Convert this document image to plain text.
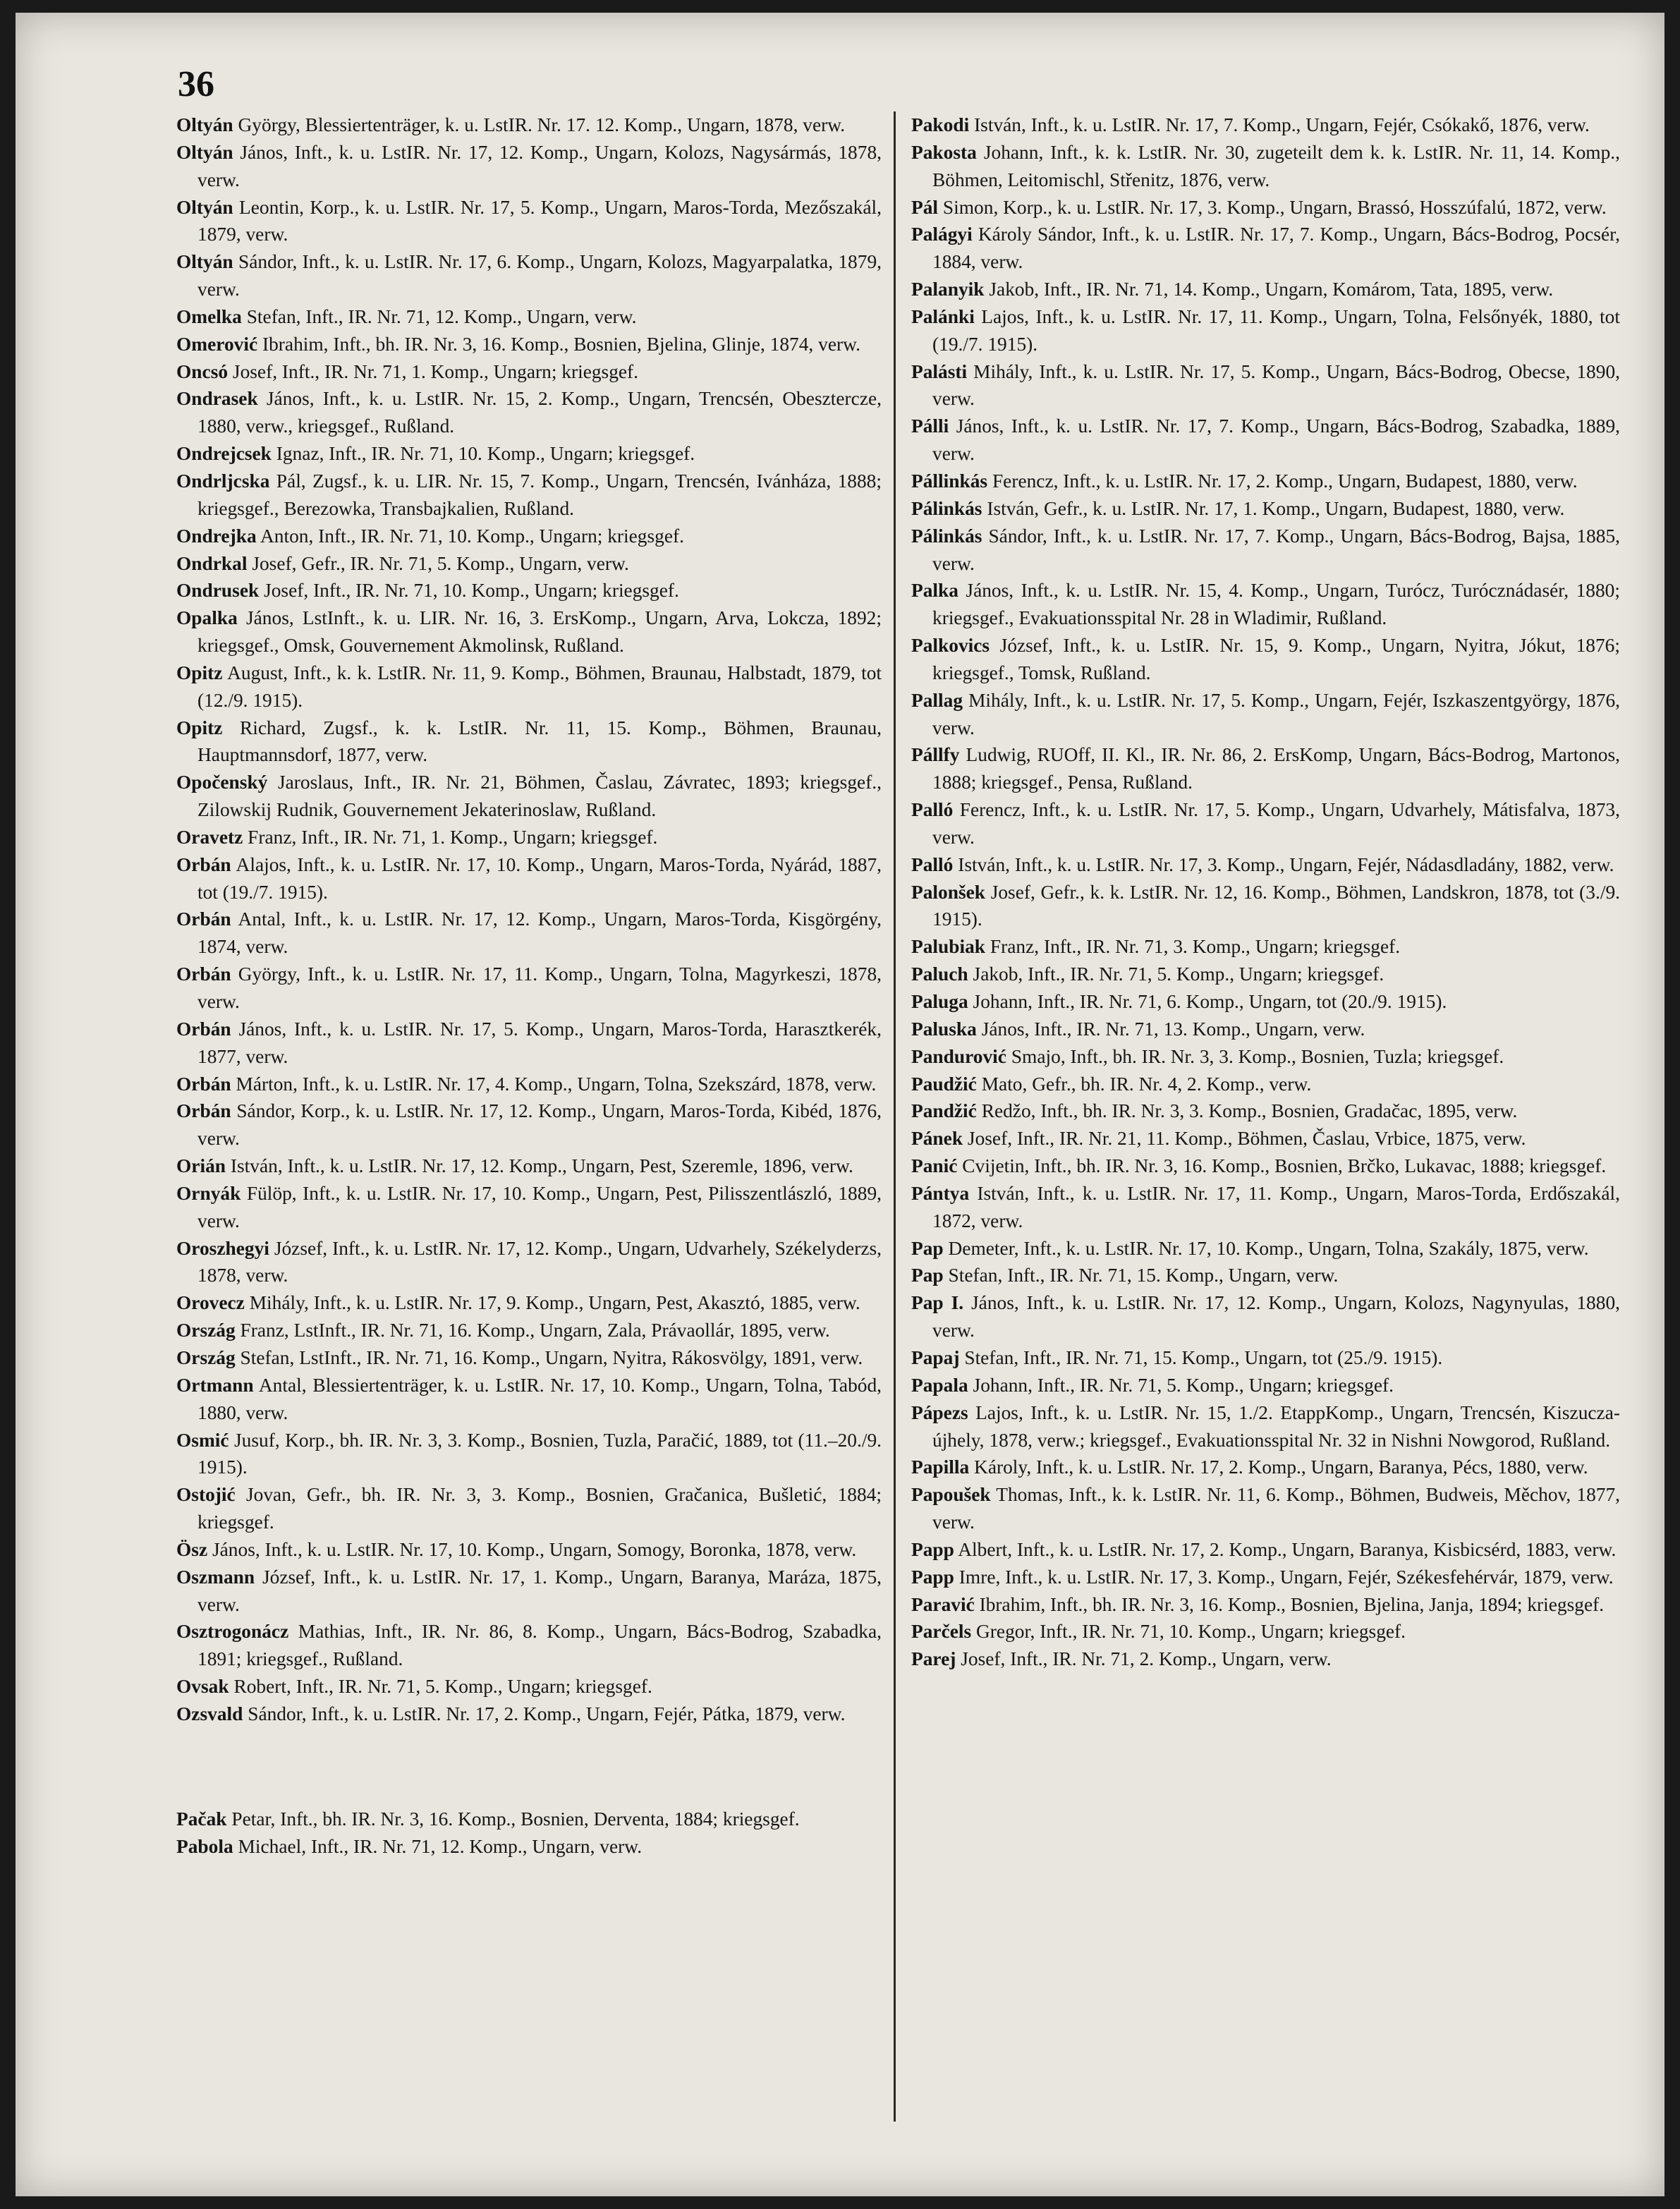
36
Oltyán György, Blessiertenträger, k. u. LstIR. Nr. 17. 12. Komp., Ungarn, 1878, verw.
Oltyán János, Inft., k. u. LstIR. Nr. 17, 12. Komp., Ungarn, Kolozs, Nagysármás, 1878, verw.
Oltyán Leontin, Korp., k. u. LstIR. Nr. 17, 5. Komp., Ungarn, Maros-Torda, Mezőszakál, 1879, verw.
Oltyán Sándor, Inft., k. u. LstIR. Nr. 17, 6. Komp., Ungarn, Kolozs, Magyarpalatka, 1879, verw.
Omelka Stefan, Inft., IR. Nr. 71, 12. Komp., Ungarn, verw.
Omerović Ibrahim, Inft., bh. IR. Nr. 3, 16. Komp., Bosnien, Bjelina, Glinje, 1874, verw.
Oncsó Josef, Inft., IR. Nr. 71, 1. Komp., Ungarn; kriegsgef.
Ondrasek János, Inft., k. u. LstIR. Nr. 15, 2. Komp., Ungarn, Trencsén, Obesztercze, 1880, verw., kriegsgef., Rußland.
Ondrejcsek Ignaz, Inft., IR. Nr. 71, 10. Komp., Ungarn; kriegsgef.
Ondrljcska Pál, Zugsf., k. u. LIR. Nr. 15, 7. Komp., Ungarn, Trencsén, Ivánháza, 1888; kriegsgef., Berezowka, Transbajkalien, Rußland.
Ondrejka Anton, Inft., IR. Nr. 71, 10. Komp., Ungarn; kriegsgef.
Ondrkal Josef, Gefr., IR. Nr. 71, 5. Komp., Ungarn, verw.
Ondrusek Josef, Inft., IR. Nr. 71, 10. Komp., Ungarn; kriegsgef.
Opalka János, LstInft., k. u. LIR. Nr. 16, 3. ErsKomp., Ungarn, Arva, Lokcza, 1892; kriegsgef., Omsk, Gouvernement Akmolinsk, Rußland.
Opitz August, Inft., k. k. LstIR. Nr. 11, 9. Komp., Böhmen, Braunau, Halbstadt, 1879, tot (12./9. 1915).
Opitz Richard, Zugsf., k. k. LstIR. Nr. 11, 15. Komp., Böhmen, Braunau, Hauptmannsdorf, 1877, verw.
Opočenský Jaroslaus, Inft., IR. Nr. 21, Böhmen, Časlau, Závratec, 1893; kriegsgef., Zilowskij Rudnik, Gouvernement Jekaterinoslaw, Rußland.
Oravetz Franz, Inft., IR. Nr. 71, 1. Komp., Ungarn; kriegsgef.
Orbán Alajos, Inft., k. u. LstIR. Nr. 17, 10. Komp., Ungarn, Maros-Torda, Nyárád, 1887, tot (19./7. 1915).
Orbán Antal, Inft., k. u. LstIR. Nr. 17, 12. Komp., Ungarn, Maros-Torda, Kisgörgény, 1874, verw.
Orbán György, Inft., k. u. LstIR. Nr. 17, 11. Komp., Ungarn, Tolna, Magyrkeszi, 1878, verw.
Orbán János, Inft., k. u. LstIR. Nr. 17, 5. Komp., Ungarn, Maros-Torda, Harasztkerék, 1877, verw.
Orbán Márton, Inft., k. u. LstIR. Nr. 17, 4. Komp., Ungarn, Tolna, Szekszárd, 1878, verw.
Orbán Sándor, Korp., k. u. LstIR. Nr. 17, 12. Komp., Ungarn, Maros-Torda, Kibéd, 1876, verw.
Orián István, Inft., k. u. LstIR. Nr. 17, 12. Komp., Ungarn, Pest, Szeremle, 1896, verw.
Ornyák Fülöp, Inft., k. u. LstIR. Nr. 17, 10. Komp., Ungarn, Pest, Pilisszentlászló, 1889, verw.
Oroszhegyi József, Inft., k. u. LstIR. Nr. 17, 12. Komp., Ungarn, Udvarhely, Székelyderzs, 1878, verw.
Orovecz Mihály, Inft., k. u. LstIR. Nr. 17, 9. Komp., Ungarn, Pest, Akasztó, 1885, verw.
Ország Franz, LstInft., IR. Nr. 71, 16. Komp., Ungarn, Zala, Právaollár, 1895, verw.
Ország Stefan, LstInft., IR. Nr. 71, 16. Komp., Ungarn, Nyitra, Rákosvölgy, 1891, verw.
Ortmann Antal, Blessiertenträger, k. u. LstIR. Nr. 17, 10. Komp., Ungarn, Tolna, Tabód, 1880, verw.
Osmić Jusuf, Korp., bh. IR. Nr. 3, 3. Komp., Bosnien, Tuzla, Paračić, 1889, tot (11.–20./9. 1915).
Ostojić Jovan, Gefr., bh. IR. Nr. 3, 3. Komp., Bosnien, Gračanica, Bušletić, 1884; kriegsgef.
Ösz János, Inft., k. u. LstIR. Nr. 17, 10. Komp., Ungarn, Somogy, Boronka, 1878, verw.
Oszmann József, Inft., k. u. LstIR. Nr. 17, 1. Komp., Ungarn, Baranya, Maráza, 1875, verw.
Osztrogonácz Mathias, Inft., IR. Nr. 86, 8. Komp., Ungarn, Bács-Bodrog, Szabadka, 1891; kriegsgef., Rußland.
Ovsak Robert, Inft., IR. Nr. 71, 5. Komp., Ungarn; kriegsgef.
Ozsvald Sándor, Inft., k. u. LstIR. Nr. 17, 2. Komp., Ungarn, Fejér, Pátka, 1879, verw.
Pačak Petar, Inft., bh. IR. Nr. 3, 16. Komp., Bosnien, Derventa, 1884; kriegsgef.
Pabola Michael, Inft., IR. Nr. 71, 12. Komp., Ungarn, verw.
Pakodi István, Inft., k. u. LstIR. Nr. 17, 7. Komp., Ungarn, Fejér, Csókakő, 1876, verw.
Pakosta Johann, Inft., k. k. LstIR. Nr. 30, zugeteilt dem k. k. LstIR. Nr. 11, 14. Komp., Böhmen, Leitomischl, Střenitz, 1876, verw.
Pál Simon, Korp., k. u. LstIR. Nr. 17, 3. Komp., Ungarn, Brassó, Hosszúfalú, 1872, verw.
Palágyi Károly Sándor, Inft., k. u. LstIR. Nr. 17, 7. Komp., Ungarn, Bács-Bodrog, Pocsér, 1884, verw.
Palanyik Jakob, Inft., IR. Nr. 71, 14. Komp., Ungarn, Komárom, Tata, 1895, verw.
Palánki Lajos, Inft., k. u. LstIR. Nr. 17, 11. Komp., Ungarn, Tolna, Felsőnyék, 1880, tot (19./7. 1915).
Palásti Mihály, Inft., k. u. LstIR. Nr. 17, 5. Komp., Ungarn, Bács-Bodrog, Obecse, 1890, verw.
Pálli János, Inft., k. u. LstIR. Nr. 17, 7. Komp., Ungarn, Bács-Bodrog, Szabadka, 1889, verw.
Pállinkás Ferencz, Inft., k. u. LstIR. Nr. 17, 2. Komp., Ungarn, Budapest, 1880, verw.
Pálinkás István, Gefr., k. u. LstIR. Nr. 17, 1. Komp., Ungarn, Budapest, 1880, verw.
Pálinkás Sándor, Inft., k. u. LstIR. Nr. 17, 7. Komp., Ungarn, Bács-Bodrog, Bajsa, 1885, verw.
Palka János, Inft., k. u. LstIR. Nr. 15, 4. Komp., Ungarn, Turócz, Turócznádasér, 1880; kriegsgef., Evakuationsspital Nr. 28 in Wladimir, Rußland.
Palkovics József, Inft., k. u. LstIR. Nr. 15, 9. Komp., Ungarn, Nyitra, Jókut, 1876; kriegsgef., Tomsk, Rußland.
Pallag Mihály, Inft., k. u. LstIR. Nr. 17, 5. Komp., Ungarn, Fejér, Iszkaszentgyörgy, 1876, verw.
Pállfy Ludwig, RUOff, II. Kl., IR. Nr. 86, 2. ErsKomp, Ungarn, Bács-Bodrog, Martonos, 1888; kriegsgef., Pensa, Rußland.
Palló Ferencz, Inft., k. u. LstIR. Nr. 17, 5. Komp., Ungarn, Udvarhely, Mátisfalva, 1873, verw.
Palló István, Inft., k. u. LstIR. Nr. 17, 3. Komp., Ungarn, Fejér, Nádasdladány, 1882, verw.
Palonšek Josef, Gefr., k. k. LstIR. Nr. 12, 16. Komp., Böhmen, Landskron, 1878, tot (3./9. 1915).
Palubiak Franz, Inft., IR. Nr. 71, 3. Komp., Ungarn; kriegsgef.
Paluch Jakob, Inft., IR. Nr. 71, 5. Komp., Ungarn; kriegsgef.
Paluga Johann, Inft., IR. Nr. 71, 6. Komp., Ungarn, tot (20./9. 1915).
Paluska János, Inft., IR. Nr. 71, 13. Komp., Ungarn, verw.
Pandurović Smajo, Inft., bh. IR. Nr. 3, 3. Komp., Bosnien, Tuzla; kriegsgef.
Paudžić Mato, Gefr., bh. IR. Nr. 4, 2. Komp., verw.
Pandžić Redžo, Inft., bh. IR. Nr. 3, 3. Komp., Bosnien, Gradačac, 1895, verw.
Pánek Josef, Inft., IR. Nr. 21, 11. Komp., Böhmen, Časlau, Vrbice, 1875, verw.
Panić Cvijetin, Inft., bh. IR. Nr. 3, 16. Komp., Bosnien, Brčko, Lukavac, 1888; kriegsgef.
Pántya István, Inft., k. u. LstIR. Nr. 17, 11. Komp., Ungarn, Maros-Torda, Erdőszakál, 1872, verw.
Pap Demeter, Inft., k. u. LstIR. Nr. 17, 10. Komp., Ungarn, Tolna, Szakály, 1875, verw.
Pap Stefan, Inft., IR. Nr. 71, 15. Komp., Ungarn, verw.
Pap I. János, Inft., k. u. LstIR. Nr. 17, 12. Komp., Ungarn, Kolozs, Nagynyulas, 1880, verw.
Papaj Stefan, Inft., IR. Nr. 71, 15. Komp., Ungarn, tot (25./9. 1915).
Papala Johann, Inft., IR. Nr. 71, 5. Komp., Ungarn; kriegsgef.
Pápezs Lajos, Inft., k. u. LstIR. Nr. 15, 1./2. EtappKomp., Ungarn, Trencsén, Kiszucza-újhely, 1878, verw.; kriegsgef., Evakuationsspital Nr. 32 in Nishni Nowgorod, Rußland.
Papilla Károly, Inft., k. u. LstIR. Nr. 17, 2. Komp., Ungarn, Baranya, Pécs, 1880, verw.
Papoušek Thomas, Inft., k. k. LstIR. Nr. 11, 6. Komp., Böhmen, Budweis, Měchov, 1877, verw.
Papp Albert, Inft., k. u. LstIR. Nr. 17, 2. Komp., Ungarn, Baranya, Kisbicsérd, 1883, verw.
Papp Imre, Inft., k. u. LstIR. Nr. 17, 3. Komp., Ungarn, Fejér, Székesfehérvár, 1879, verw.
Paravić Ibrahim, Inft., bh. IR. Nr. 3, 16. Komp., Bosnien, Bjelina, Janja, 1894; kriegsgef.
Parčels Gregor, Inft., IR. Nr. 71, 10. Komp., Ungarn; kriegsgef.
Parej Josef, Inft., IR. Nr. 71, 2. Komp., Ungarn, verw.
